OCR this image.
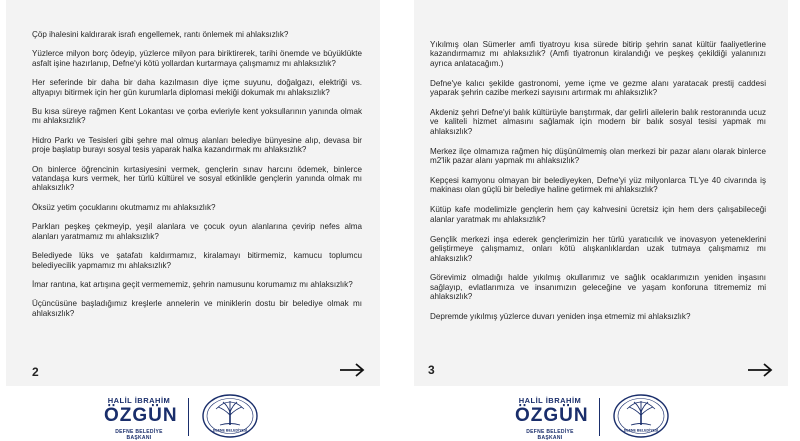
Çöp ihalesini kaldırarak israfı engellemek, rantı önlemek mi ahlaksızlık?

Yüzlerce milyon borç ödeyip, yüzlerce milyon para biriktirerek, tarihi önemde ve büyüklükte asfalt işine hazırlanıp, Defne'yi kötü yollardan kurtarmaya çalışmamız mı ahlaksızlık?

Her seferinde bir daha bir daha kazılmasın diye içme suyunu, doğalgazı, elektriği vs. altyapıyı bitirmek için her gün kurumlarla diplomasi mekiği dokumak mı ahlaksızlık?

Bu kısa süreye rağmen Kent Lokantası ve çorba evleriyle kent yoksullarının yanında olmak mı ahlaksızlık?

Hidro Parkı ve Tesisleri gibi şehre mal olmuş alanları belediye bünyesine alıp, devasa bir proje başlatıp burayı sosyal tesis yaparak halka kazandırmak mı ahlaksızlık?

On binlerce öğrencinin kırtasiyesini vermek, gençlerin sınav harcını ödemek, binlerce vatandaşa kurs vermek, her türlü kültürel ve sosyal etkinlikle gençlerin yanında olmak mı ahlaksızlık?

Öksüz yetim çocuklarını okutmamız mı ahlaksızlık?

Parkları peşkeş çekmeyip, yeşil alanlara ve çocuk oyun alanlarına çevirip nefes alma alanları yaratmamız mı ahlaksızlık?

Belediyede lüks ve şatafatı kaldırmamız, kiralamayı bitirmemiz, kamucu toplumcu belediyecilik yapmamız mı ahlaksızlık?

İmar rantına, kat artışına geçit vermememiz, şehrin namusunu korumamız mı ahlaksızlık?

Üçüncüsüne başladığımız kreşlerle annelerin ve miniklerin dostu bir belediye olmak mı ahlaksızlık?

2

Yıkılmış olan Sümerler amfi tiyatroyu kısa sürede bitirip şehrin sanat kültür faaliyetlerine kazandırmamız mı ahlaksızlık? (Amfi tiyatronun kiralandığı ve peşkeş çekildiği yalanınızı ayrıca anlatacağım.)

Defne'ye kalıcı şekilde gastronomi, yeme içme ve gezme alanı yaratacak prestij caddesi yaparak şehrin cazibe merkezi sayısını artırmak mı ahlaksızlık?

Akdeniz şehri Defne'yi balık kültürüyle barıştırmak, dar gelirli ailelerin balık restoranında ucuz ve kaliteli hizmet almasını sağlamak için modern bir balık sosyal tesisi yapmak mı ahlaksızlık?

Merkez ilçe olmamıza rağmen hiç düşünülmemiş olan merkezi bir pazar alanı olarak binlerce m2'lik pazar alanı yapmak mı ahlaksızlık?

Kepçesi kamyonu olmayan bir belediyeyken, Defne'yi yüz milyonlarca TL'ye 40 civarında iş makinası olan güçlü bir belediye haline getirmek mi ahlaksızlık?

Kütüp kafe modelimizle gençlerin hem çay kahvesini ücretsiz için hem ders çalışabileceği alanlar yaratmak mı ahlaksızlık?

Gençlik merkezi inşa ederek gençlerimizin her türlü yaratıcılık ve inovasyon yeteneklerini geliştirmeye çalışmamız, onları kötü alışkanlıklardan uzak tutmaya çalışmamız mı ahlaksızlık?

Görevimiz olmadığı halde yıkılmış okullarımız ve sağlık ocaklarımızın yeniden inşasını sağlayıp, evlatlarımıza ve insanımızın geleceğine ve yaşam konforuna titrememiz mi ahlaksızlık?

Depremde yıkılmış yüzlerce duvarı yeniden inşa etmemiz mi ahlaksızlık?

3
HALİL İBRAHİM
ÖZGÜN
DEFNE BELEDİYE BAŞKANI
DEFNE BELEDİYESİ
HALİL İBRAHİM
ÖZGÜN
DEFNE BELEDİYE BAŞKANI
DEFNE BELEDİYESİ
